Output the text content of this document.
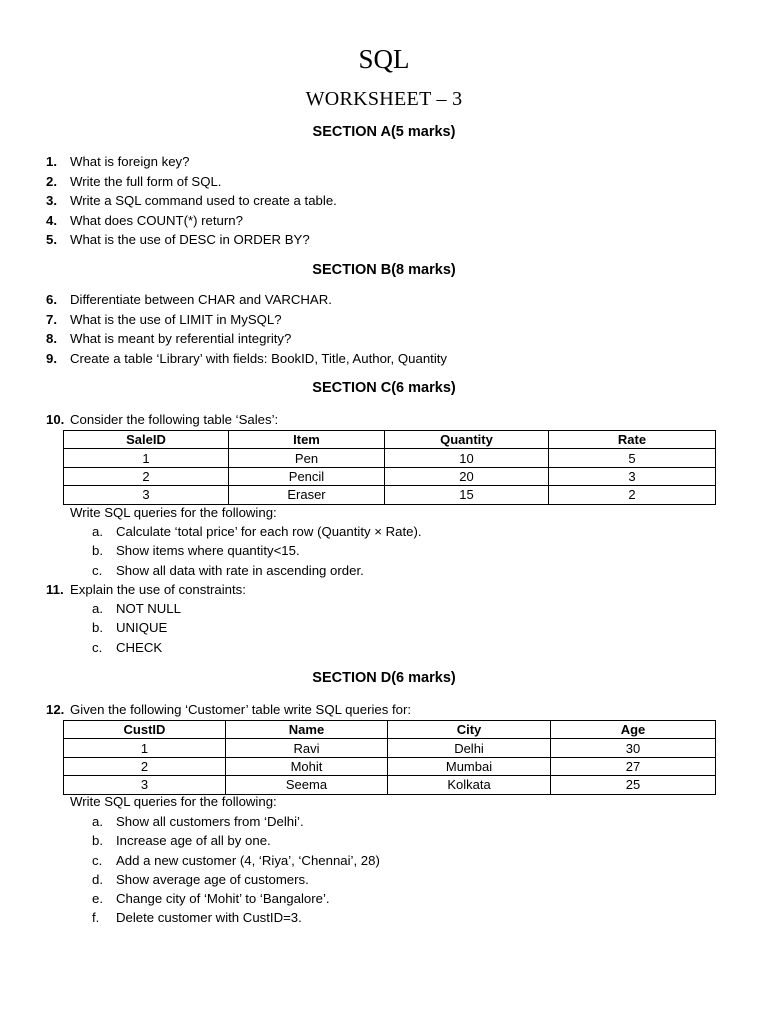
SQL
WORKSHEET – 3
SECTION A(5 marks)
1. What is foreign key?
2. Write the full form of SQL.
3. Write a SQL command used to create a table.
4. What does COUNT(*) return?
5. What is the use of DESC in ORDER BY?
SECTION B(8 marks)
6. Differentiate between CHAR and VARCHAR.
7. What is the use of LIMIT in MySQL?
8. What is meant by referential integrity?
9. Create a table ‘Library’ with fields: BookID, Title, Author, Quantity
SECTION C(6 marks)
10. Consider the following table ‘Sales’:
SaleID	Item	Quantity	Rate
1	Pen	10	5
2	Pencil	20	3
3	Eraser	15	2
Write SQL queries for the following:
a. Calculate ‘total price’ for each row (Quantity × Rate).
b. Show items where quantity<15.
c. Show all data with rate in ascending order.
11. Explain the use of constraints:
a. NOT NULL
b. UNIQUE
c. CHECK
SECTION D(6 marks)
12. Given the following ‘Customer’ table write SQL queries for:
CustID	Name	City	Age
1	Ravi	Delhi	30
2	Mohit	Mumbai	27
3	Seema	Kolkata	25
Write SQL queries for the following:
a. Show all customers from ‘Delhi’.
b. Increase age of all by one.
c. Add a new customer (4, ‘Riya’, ‘Chennai’, 28)
d. Show average age of customers.
e. Change city of ‘Mohit’ to ‘Bangalore’.
f. Delete customer with CustID=3.
